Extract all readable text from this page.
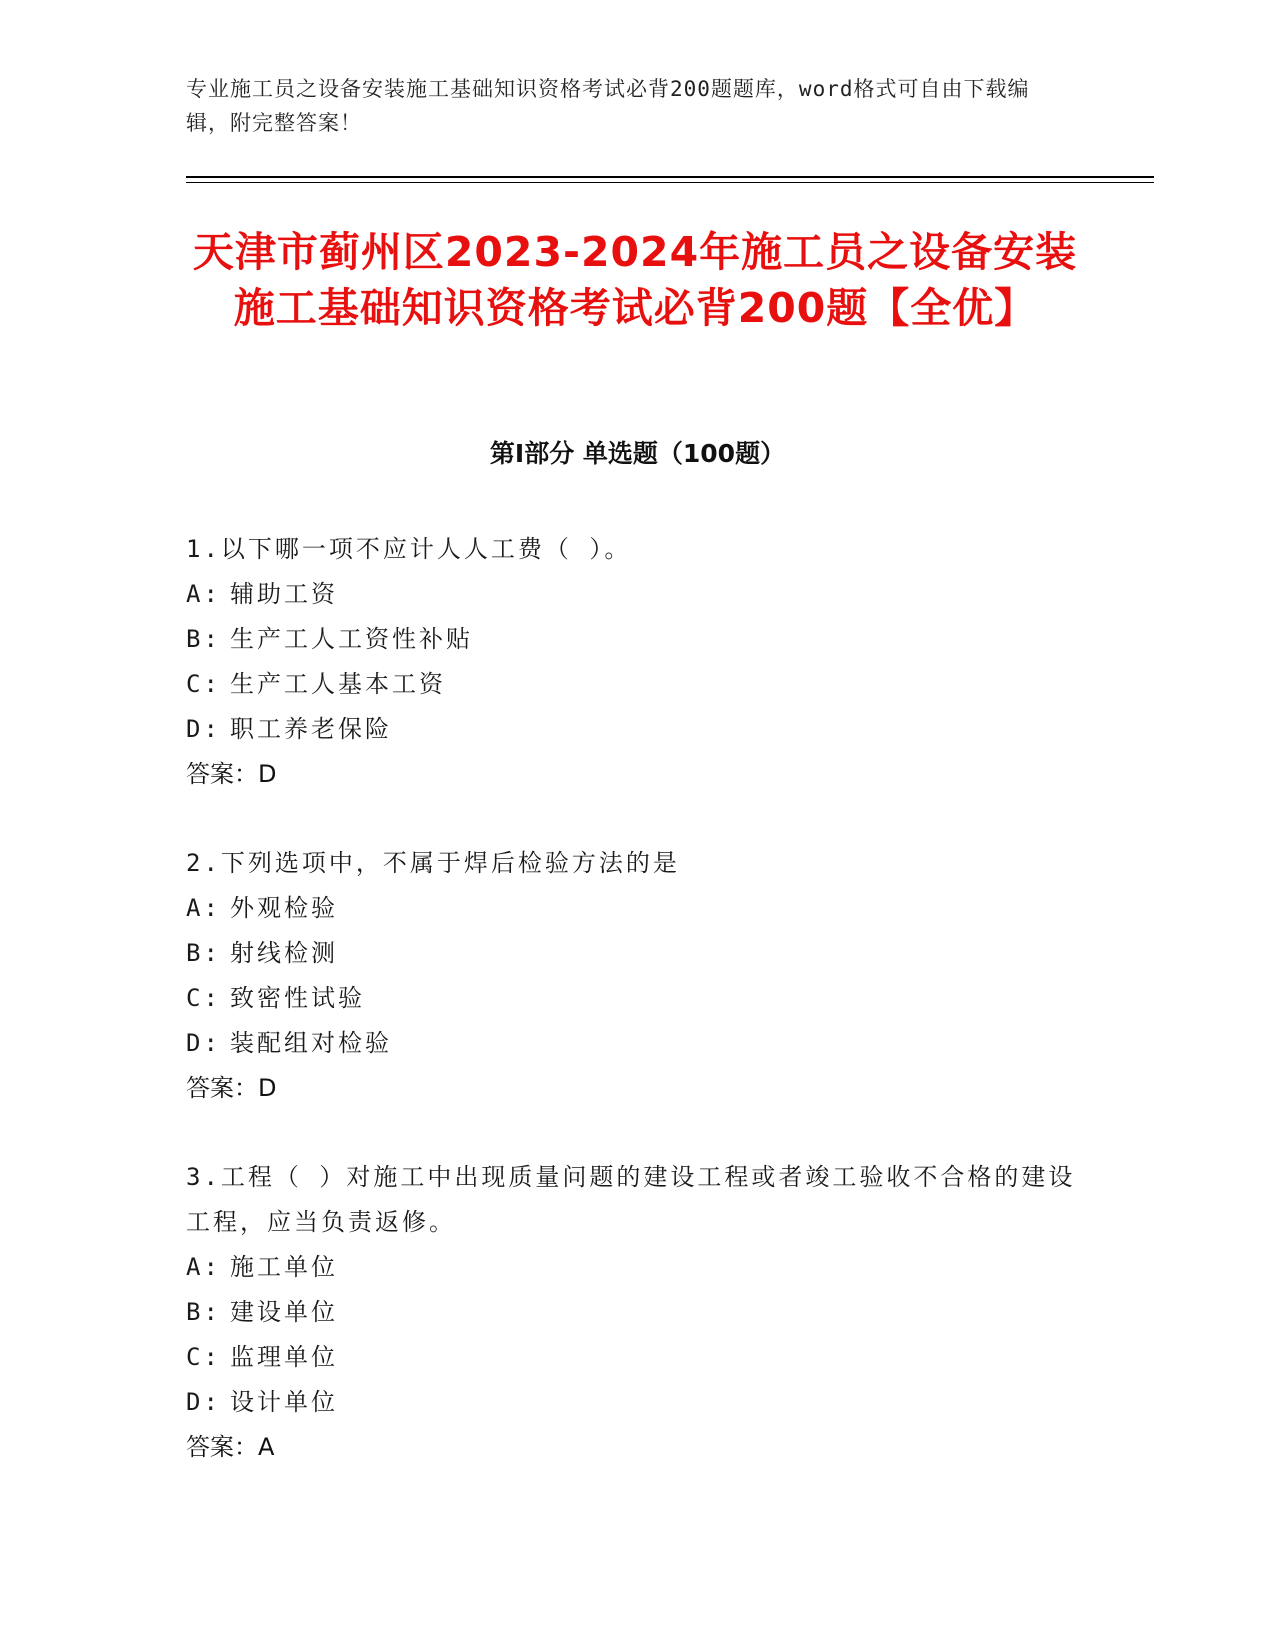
专业施工员之设备安装施工基础知识资格考试必背200题题库，word格式可自由下载编辑，附完整答案！
天津市蓟州区2023-2024年施工员之设备安装施工基础知识资格考试必背200题【全优】
第Ⅰ部分 单选题（100题）
1.以下哪一项不应计人人工费（ ）。
A: 辅助工资
B: 生产工人工资性补贴
C: 生产工人基本工资
D: 职工养老保险
答案：D
2.下列选项中，不属于焊后检验方法的是
A: 外观检验
B: 射线检测
C: 致密性试验
D: 装配组对检验
答案：D
3.工程（ ）对施工中出现质量问题的建设工程或者竣工验收不合格的建设工程，应当负责返修。
A: 施工单位
B: 建设单位
C: 监理单位
D: 设计单位
答案：A
